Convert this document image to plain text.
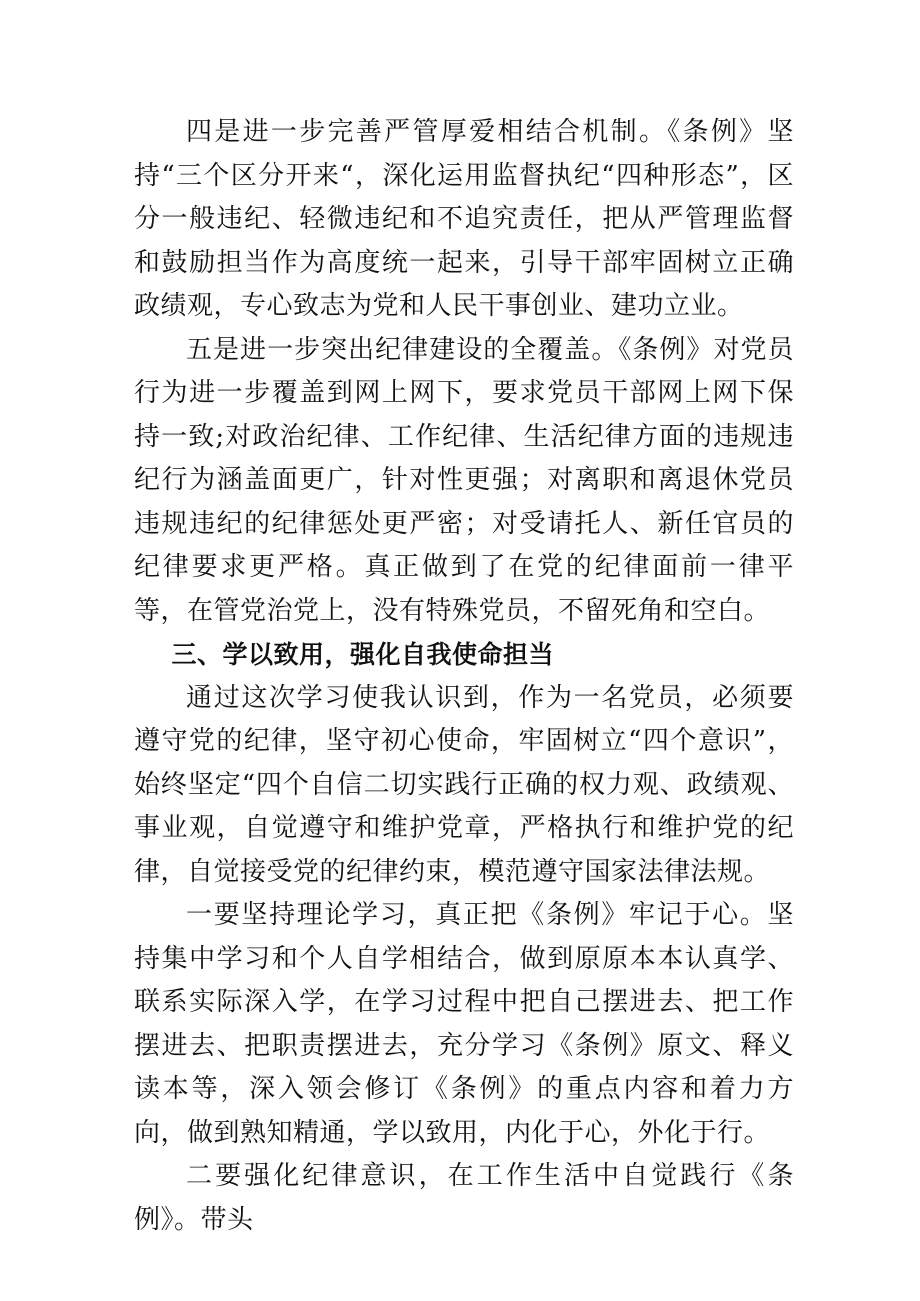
四是进一步完善严管厚爱相结合机制。《条例》坚持“三个区分开来“，深化运用监督执纪“四种形态”，区分一般违纪、轻微违纪和不追究责任，把从严管理监督和鼓励担当作为高度统一起来，引导干部牢固树立正确政绩观，专心致志为党和人民干事创业、建功立业。

五是进一步突出纪律建设的全覆盖。《条例》对党员行为进一步覆盖到网上网下，要求党员干部网上网下保持一致;对政治纪律、工作纪律、生活纪律方面的违规违纪行为涵盖面更广，针对性更强；对离职和离退休党员违规违纪的纪律惩处更严密；对受请托人、新任官员的纪律要求更严格。真正做到了在党的纪律面前一律平等，在管党治党上，没有特殊党员，不留死角和空白。

三、学以致用，强化自我使命担当

通过这次学习使我认识到，作为一名党员，必须要遵守党的纪律，坚守初心使命，牢固树立“四个意识”，始终坚定“四个自信二切实践行正确的权力观、政绩观、事业观，自觉遵守和维护党章，严格执行和维护党的纪律，自觉接受党的纪律约束，模范遵守国家法律法规。

一要坚持理论学习，真正把《条例》牢记于心。坚持集中学习和个人自学相结合，做到原原本本认真学、联系实际深入学，在学习过程中把自己摆进去、把工作摆进去、把职责摆进去，充分学习《条例》原文、释义读本等，深入领会修订《条例》的重点内容和着力方向，做到熟知精通，学以致用，内化于心，外化于行。

二要强化纪律意识，在工作生活中自觉践行《条例》。带头
